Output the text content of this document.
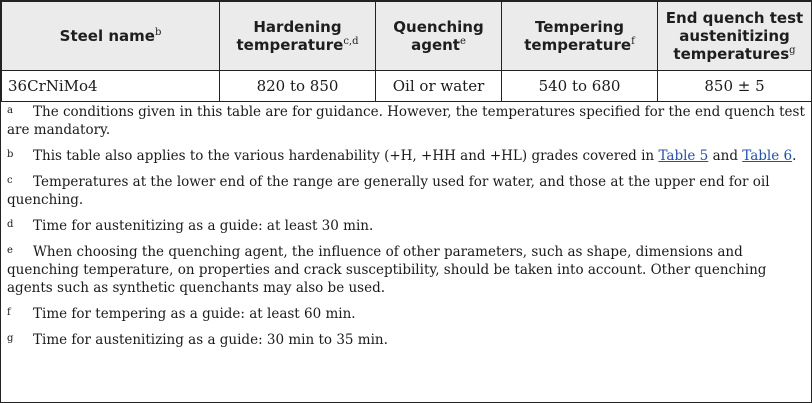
Steel name$^b$	Hardening temperature$^{c,d}$	Quenching agent$^e$	Tempering temperature$^f$	End quench test austenitizing temperatures$^g$
36CrNiMo4	820 to 850	Oil or water	540 to 680	850 ± 5
a The conditions given in this table are for guidance. However, the temperatures specified for the end quench test are mandatory.
b This table also applies to the various hardenability (+H, +HH and +HL) grades covered in Table 5 and Table 6.
c Temperatures at the lower end of the range are generally used for water, and those at the upper end for oil quenching.
d Time for austenitizing as a guide: at least 30 min.
e When choosing the quenching agent, the influence of other parameters, such as shape, dimensions and quenching temperature, on properties and crack susceptibility, should be taken into account. Other quenching agents such as synthetic quenchants may also be used.
f Time for tempering as a guide: at least 60 min.
g Time for austenitizing as a guide: 30 min to 35 min.
